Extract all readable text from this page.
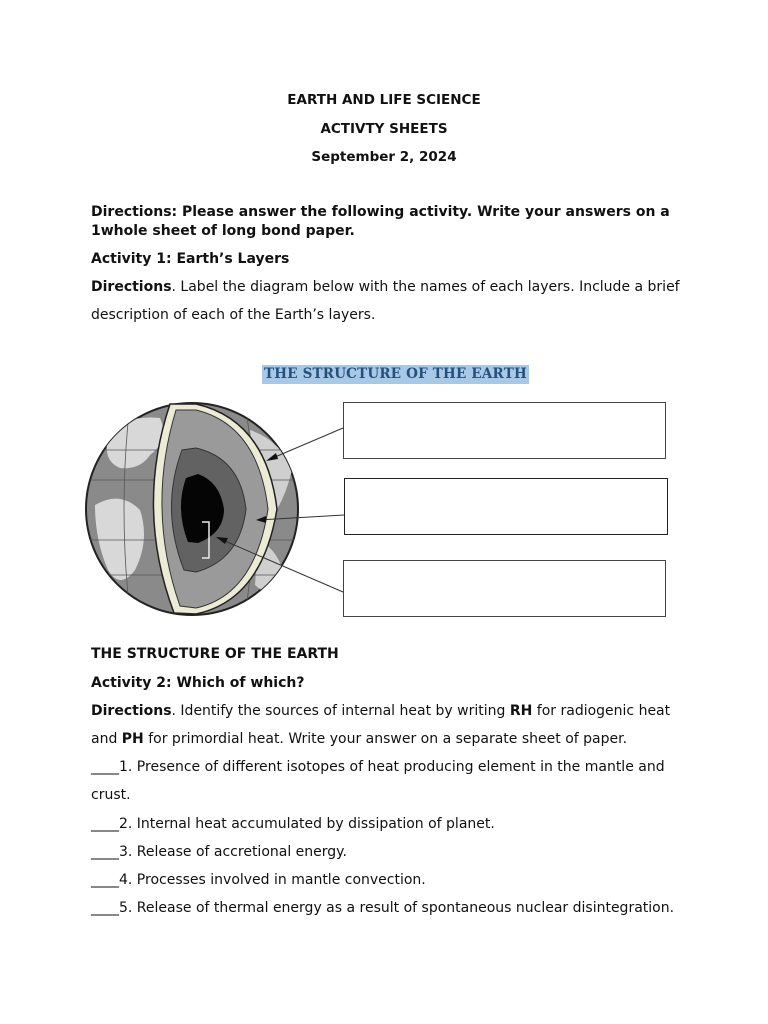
EARTH AND LIFE SCIENCE
ACTIVTY SHEETS
September 2, 2024
Directions: Please answer the following activity. Write your answers on a
1whole sheet of long bond paper.
Activity 1: Earth’s Layers
Directions. Label the diagram below with the names of each layers. Include a brief
description of each of the Earth’s layers.
THE STRUCTURE OF THE EARTH
THE STRUCTURE OF THE EARTH
Activity 2: Which of which?
Directions. Identify the sources of internal heat by writing RH for radiogenic heat
and PH for primordial heat. Write your answer on a separate sheet of paper.
____1. Presence of different isotopes of heat producing element in the mantle and
crust.
____2. Internal heat accumulated by dissipation of planet.
____3. Release of accretional energy.
____4. Processes involved in mantle convection.
____5. Release of thermal energy as a result of spontaneous nuclear disintegration.
